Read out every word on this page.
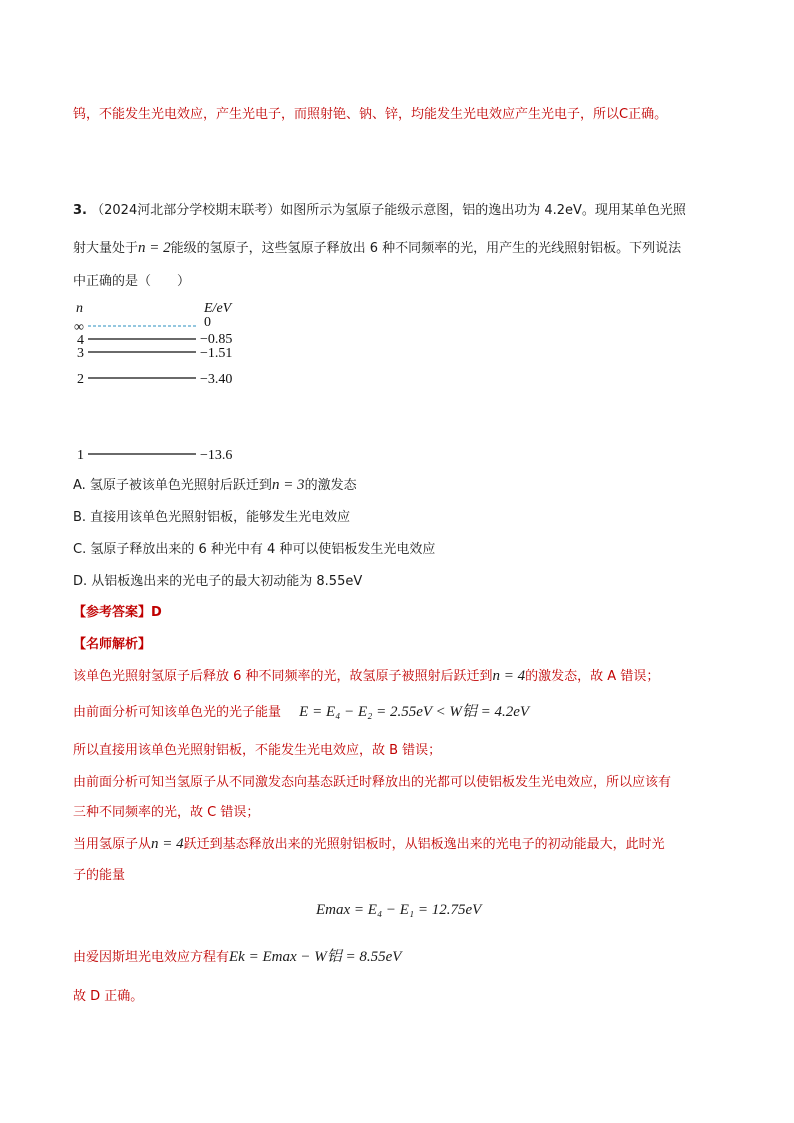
钨，不能发生光电效应，产生光电子，而照射铯、钠、锌，均能发生光电效应产生光电子，所以C正确。
3. （2024河北部分学校期末联考）如图所示为氢原子能级示意图，铝的逸出功为 4.2eV。现用某单色光照
射大量处于n = 2能级的氢原子，这些氢原子释放出 6 种不同频率的光，用产生的光线照射铝板。下列说法
中正确的是（　　）
n	E/eV
∞	0
4	−0.85
3	−1.51
2	−3.40
1	−13.6
A. 氢原子被该单色光照射后跃迁到n = 3的激发态
B. 直接用该单色光照射铝板，能够发生光电效应
C. 氢原子释放出来的 6 种光中有 4 种可以使铝板发生光电效应
D. 从铝板逸出来的光电子的最大初动能为 8.55eV
【参考答案】D
【名师解析】
该单色光照射氢原子后释放 6 种不同频率的光，故氢原子被照射后跃迁到n = 4的激发态，故 A 错误；
由前面分析可知该单色光的光子能量 E = E₄ − E₂ = 2.55eV < W铝 = 4.2eV
所以直接用该单色光照射铝板，不能发生光电效应，故 B 错误；
由前面分析可知当氢原子从不同激发态向基态跃迁时释放出的光都可以使铝板发生光电效应，所以应该有
三种不同频率的光，故 C 错误；
当用氢原子从n = 4跃迁到基态释放出来的光照射铝板时，从铝板逸出来的光电子的初动能最大，此时光
子的能量
Emax = E₄ − E₁ = 12.75eV
由爱因斯坦光电效应方程有Ek = Emax − W铝 = 8.55eV
故 D 正确。
